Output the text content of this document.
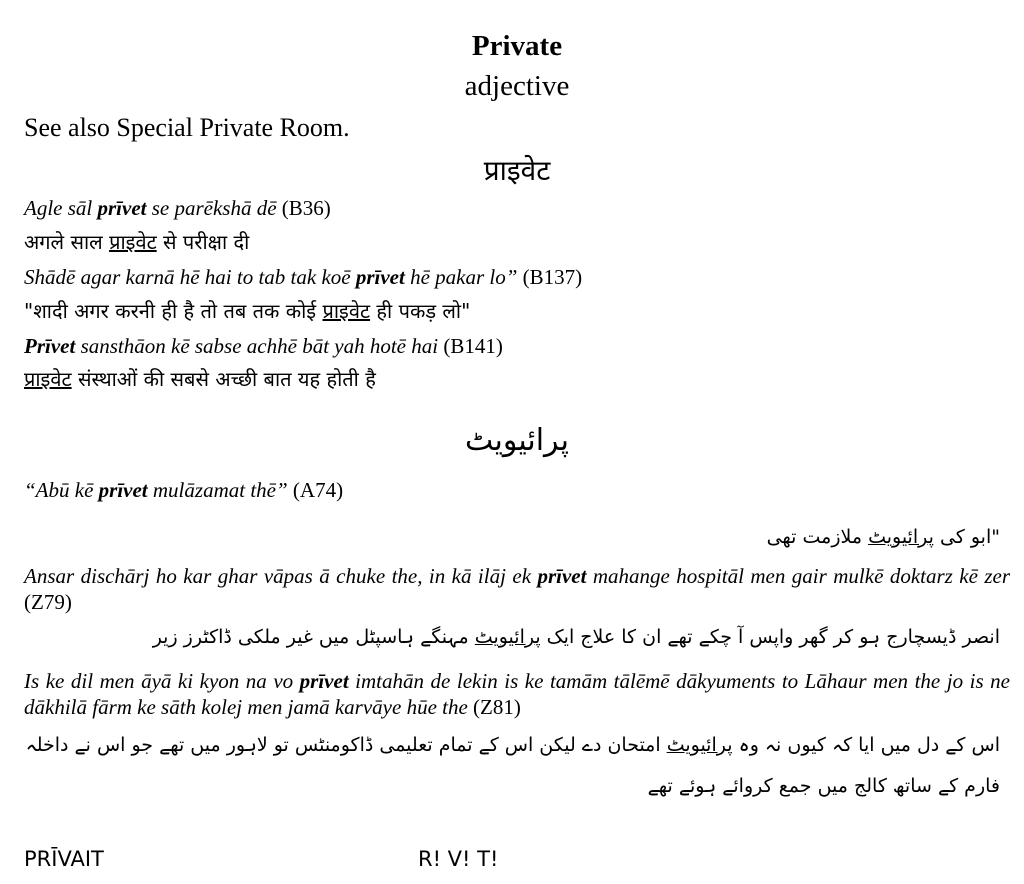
Private
adjective
See also Special Private Room.
प्राइवेट
Agle sāl prīvet se parēkshā dē (B36)
अगले साल प्राइवेट से परीक्षा दी
Shādē agar karnā hē hai to tab tak koē prīvet hē pakar lo” (B137)
"शादी अगर करनी ही है तो तब तक कोई प्राइवेट ही पकड़ लो"
Prīvet sansthāon kē sabse achhē bāt yah hotē hai (B141)
प्राइवेट संस्थाओं की सबसे अच्छी बात यह होती है
پرائیویٹ
“Abū kē prīvet mulāzamat thē” (A74)
"ابو کی پرائیویٹ ملازمت تھی
Ansar dischārj ho kar ghar vāpas ā chuke the, in kā ilāj ek prīvet mahange hospitāl men gair mulkē doktarz kē zer (Z79)
انصر ڈیسچارج ہو کر گھر واپس آ چکے تھے ان کا علاج ایک پرائیویٹ مہنگے ہاسپٹل میں غیر ملکی ڈاکٹرز زیر
Is ke dil men āyā ki kyon na vo prīvet imtahān de lekin is ke tamām tālēmē dākyuments to Lāhaur men the jo is ne dākhilā fārm ke sāth kolej men jamā karvāye hūe the (Z81)
اس کے دل میں ایا کہ کیوں نہ وہ پرائیویٹ امتحان دے لیکن اس کے تمام تعلیمی ڈاکومنٹس تو لاہور میں تھے جو اس نے داخلہ
فارم کے ساتھ کالج میں جمع کروائے ہوئے تھے
PRĪVAIT	R! V! T!
